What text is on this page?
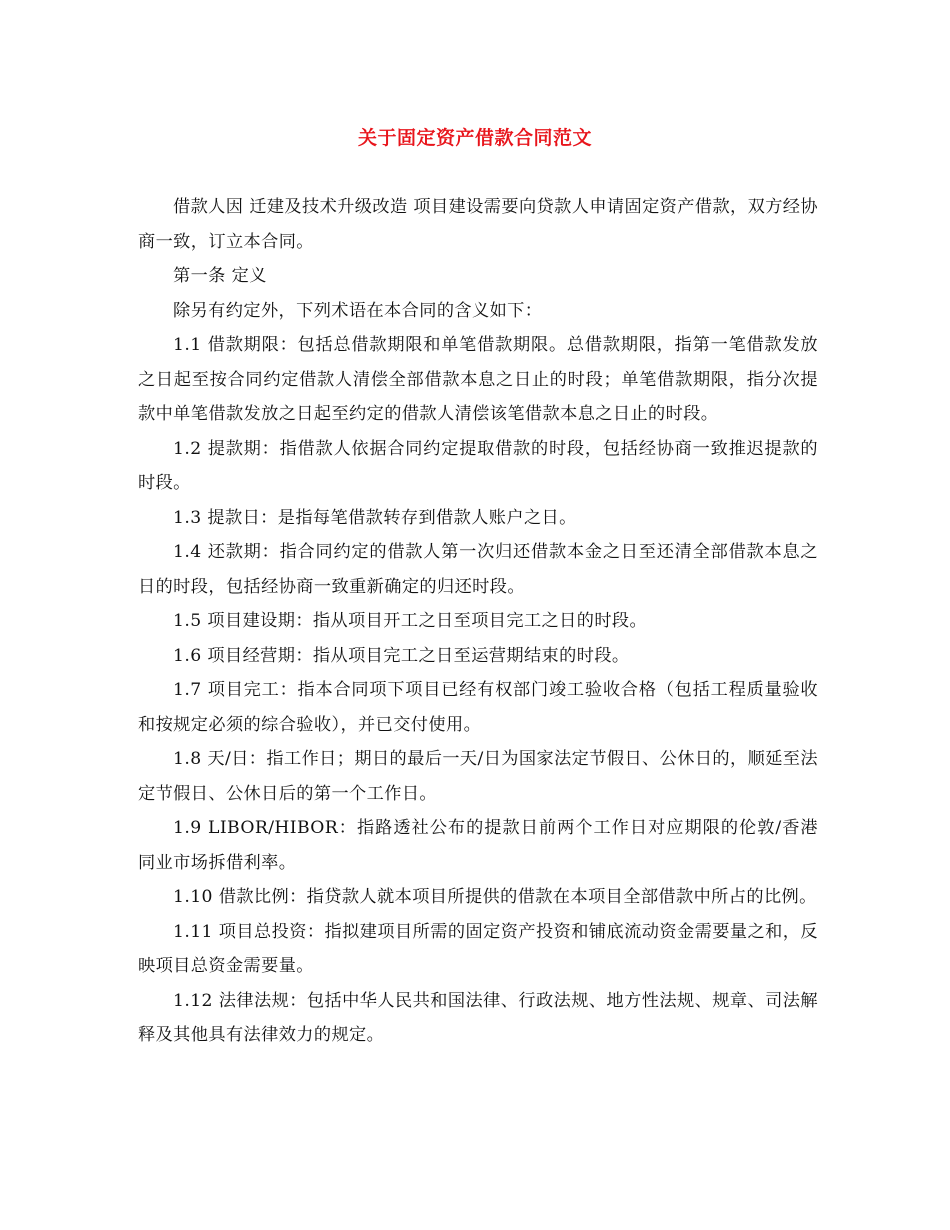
关于固定资产借款合同范文

借款人因 迁建及技术升级改造 项目建设需要向贷款人申请固定资产借款，双方经协商一致，订立本合同。

第一条 定义

除另有约定外，下列术语在本合同的含义如下：

1.1 借款期限：包括总借款期限和单笔借款期限。总借款期限，指第一笔借款发放之日起至按合同约定借款人清偿全部借款本息之日止的时段；单笔借款期限，指分次提款中单笔借款发放之日起至约定的借款人清偿该笔借款本息之日止的时段。

1.2 提款期：指借款人依据合同约定提取借款的时段，包括经协商一致推迟提款的时段。

1.3 提款日：是指每笔借款转存到借款人账户之日。

1.4 还款期：指合同约定的借款人第一次归还借款本金之日至还清全部借款本息之日的时段，包括经协商一致重新确定的归还时段。

1.5 项目建设期：指从项目开工之日至项目完工之日的时段。

1.6 项目经营期：指从项目完工之日至运营期结束的时段。

1.7 项目完工：指本合同项下项目已经有权部门竣工验收合格（包括工程质量验收和按规定必须的综合验收），并已交付使用。

1.8 天/日：指工作日；期日的最后一天/日为国家法定节假日、公休日的，顺延至法定节假日、公休日后的第一个工作日。

1.9 LIBOR/HIBOR：指路透社公布的提款日前两个工作日对应期限的伦敦/香港同业市场拆借利率。

1.10 借款比例：指贷款人就本项目所提供的借款在本项目全部借款中所占的比例。

1.11 项目总投资：指拟建项目所需的固定资产投资和铺底流动资金需要量之和，反映项目总资金需要量。

1.12 法律法规：包括中华人民共和国法律、行政法规、地方性法规、规章、司法解释及其他具有法律效力的规定。
